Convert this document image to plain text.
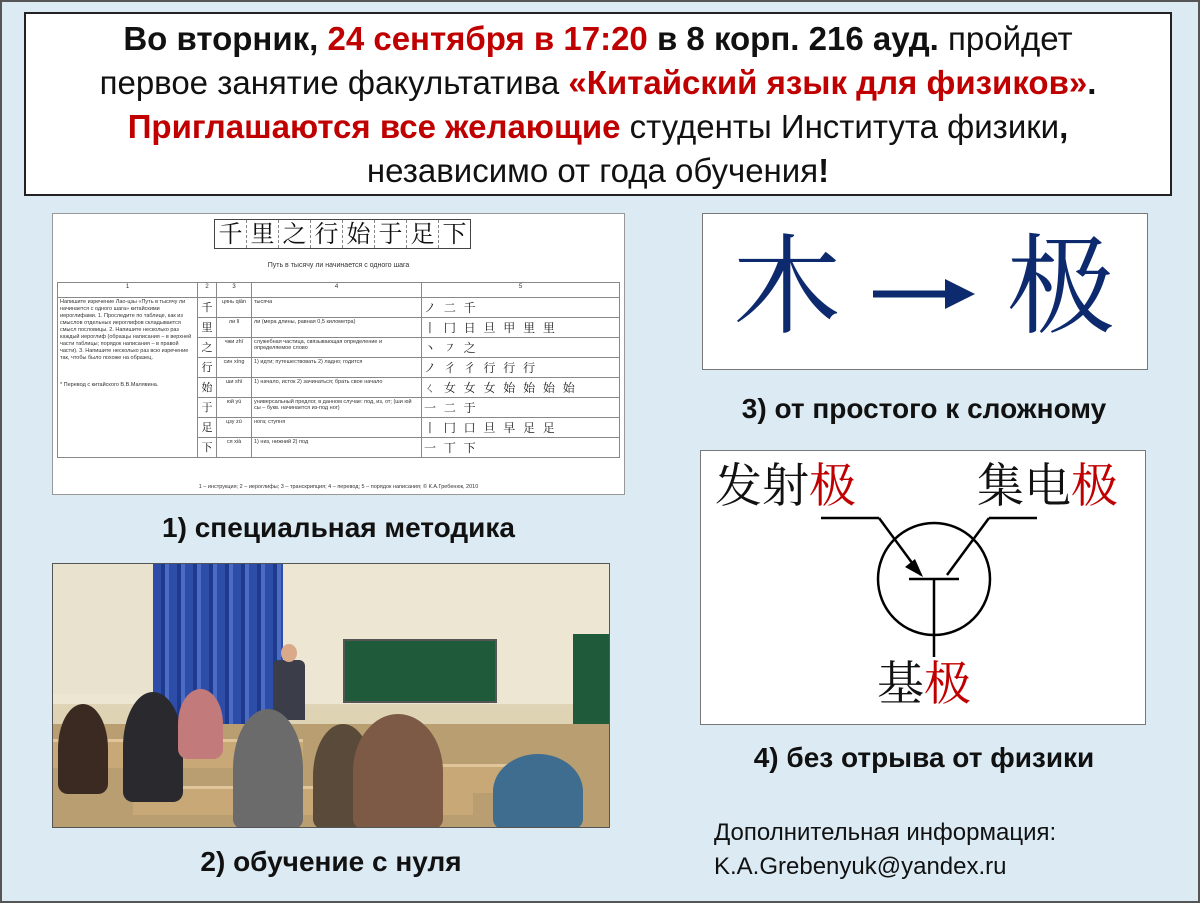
Во вторник, 24 сентября в 17:20 в 8 корп. 216 ауд. пройдет
первое занятие факультатива «Китайский язык для физиков».
Приглашаются все желающие студенты Института физики,
независимо от года обучения!
千 里 之 行 始 于 足 下
Путь в тысячу ли начинается с одного шага
1	2	3	4	5

Напишите изречение Лао-цзы «Путь в тысячу ли начинается с одного шага» китайскими иероглифами. 1. Проследите по таблице, как из смыслов отдельных иероглифов складывается смысл пословицы. 2. Напишите несколько раз каждый иероглиф (образцы написания – в верхней части таблицы; порядок написания – в правой части). 3. Напишите несколько раз всю изречение так, чтобы было похоже на образец.
* Перевод с китайского В.В.Малявина.	千	цянь qiān	тысяча	ノ 二 千
	里	ли lǐ	ли (мера длины, равная 0,5 километра)	丨 冂 日 旦 甲 里 里
	之	чжи zhī	служебная частица, связывающая определение и определяемое слово	丶 ㇇ 之
	行	син xíng	1) идти; путешествовать 2) ладно; годится	ノ 彳 彳 行 行 行
	始	ши shǐ	1) начало, исток 2) зачинаться; брать свое начало	ㄑ 女 女 女 始 始 始 始
	于	юй yú	универсальный предлог, в данном случае: под, из, от; (ши юй сы – букв. начинается из-под ног)	一 二 于
	足	цзу zú	нога; ступня	丨 冂 口 旦 早 足 足
	下	ся xià	1) низ, нижний 2) под	一 丅 下
1 – инструкция; 2 – иероглифы; 3 – транскрипция; 4 – перевод; 5 – порядок написания; © К.А.Гребенюк, 2010
1) специальная методика
2) обучение с нуля
木 极
3) от простого к сложному
发射极	集电极
基极
4) без отрыва от физики
Дополнительная информация:
K.A.Grebenyuk@yandex.ru
